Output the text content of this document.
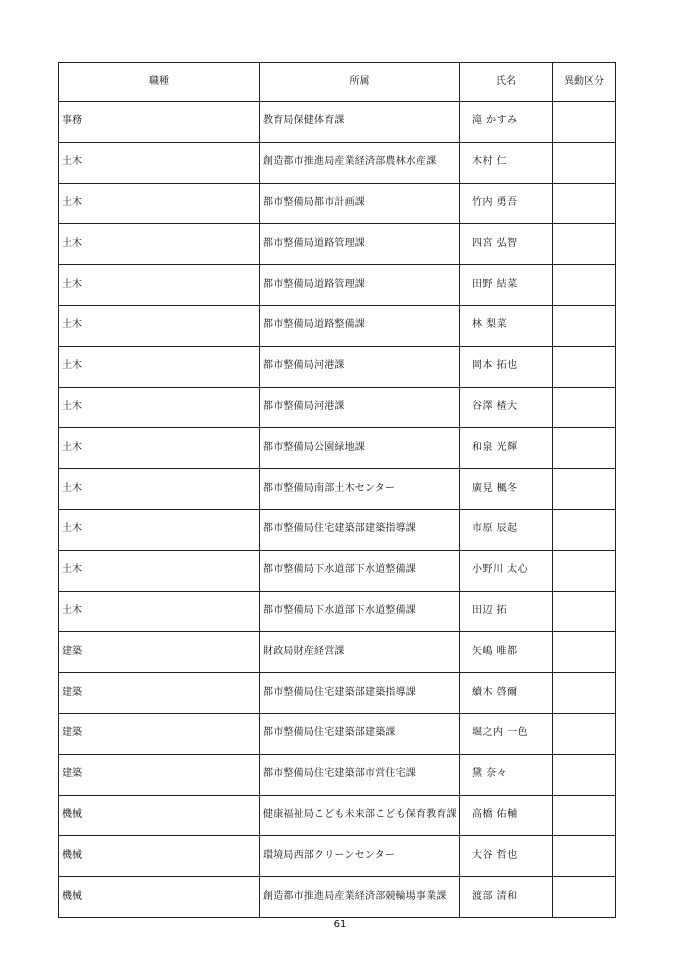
職種	所属	氏名	異動区分
事務	教育局保健体育課	滝 かすみ	
土木	創造都市推進局産業経済部農林水産課	木村 仁	
土木	都市整備局都市計画課	竹内 勇吾	
土木	都市整備局道路管理課	四宮 弘智	
土木	都市整備局道路管理課	田野 結菜	
土木	都市整備局道路整備課	林 梨菜	
土木	都市整備局河港課	岡本 拓也	
土木	都市整備局河港課	谷澤 楂大	
土木	都市整備局公園緑地課	和泉 光輝	
土木	都市整備局南部土木センター	廣見 楓冬	
土木	都市整備局住宅建築部建築指導課	市原 辰起	
土木	都市整備局下水道部下水道整備課	小野川 太心	
土木	都市整備局下水道部下水道整備課	田辺 拓	
建築	財政局財産経営課	矢嶋 唯都	
建築	都市整備局住宅建築部建築指導課	續木 啓爾	
建築	都市整備局住宅建築部建築課	堀之内 一色	
建築	都市整備局住宅建築部市営住宅課	黛 奈々	
機械	健康福祉局こども未来部こども保育教育課	高橋 佑輔	
機械	環境局西部クリーンセンター	大谷 哲也	
機械	創造都市推進局産業経済部競輪場事業課	渡部 清和	
61
